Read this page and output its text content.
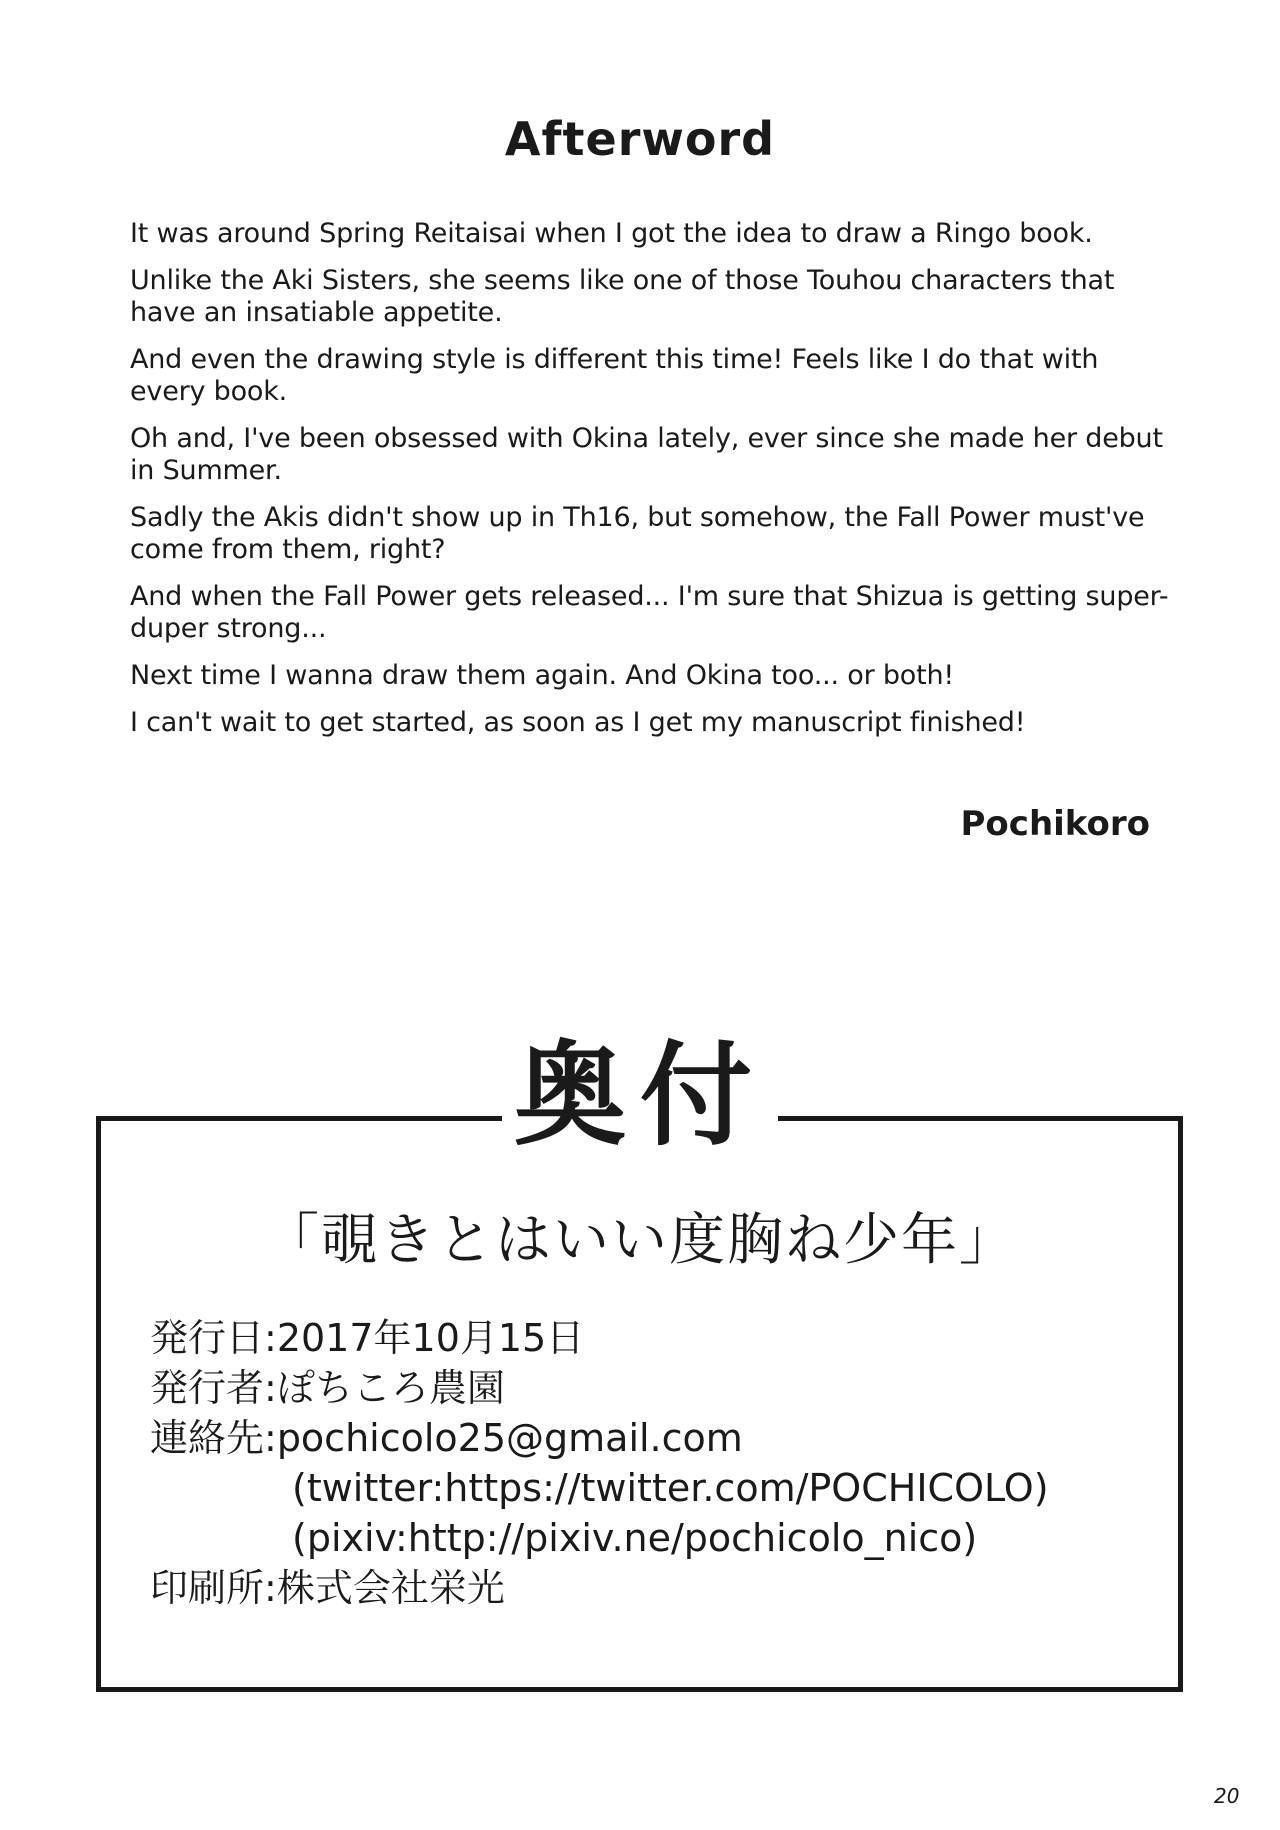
Afterword

It was around Spring Reitaisai when I got the idea to draw a Ringo book.

Unlike the Aki Sisters, she seems like one of those Touhou characters that have an insatiable appetite.

And even the drawing style is different this time! Feels like I do that with every book.

Oh and, I've been obsessed with Okina lately, ever since she made her debut in Summer.

Sadly the Akis didn't show up in Th16, but somehow, the Fall Power must've come from them, right?

And when the Fall Power gets released... I'm sure that Shizua is getting super-duper strong...

Next time I wanna draw them again. And Okina too... or both!

I can't wait to get started, as soon as I get my manuscript finished!

Pochikoro

奥付
「覗きとはいい度胸ね少年」
発行日: 2017年10月15日
発行者: ぽちころ農園
連絡先: pochicolo25@gmail.com
(twitter:https://twitter.com/POCHICOLO)
(pixiv:http://pixiv.ne/pochicolo_nico)
印刷所: 株式会社栄光

20
